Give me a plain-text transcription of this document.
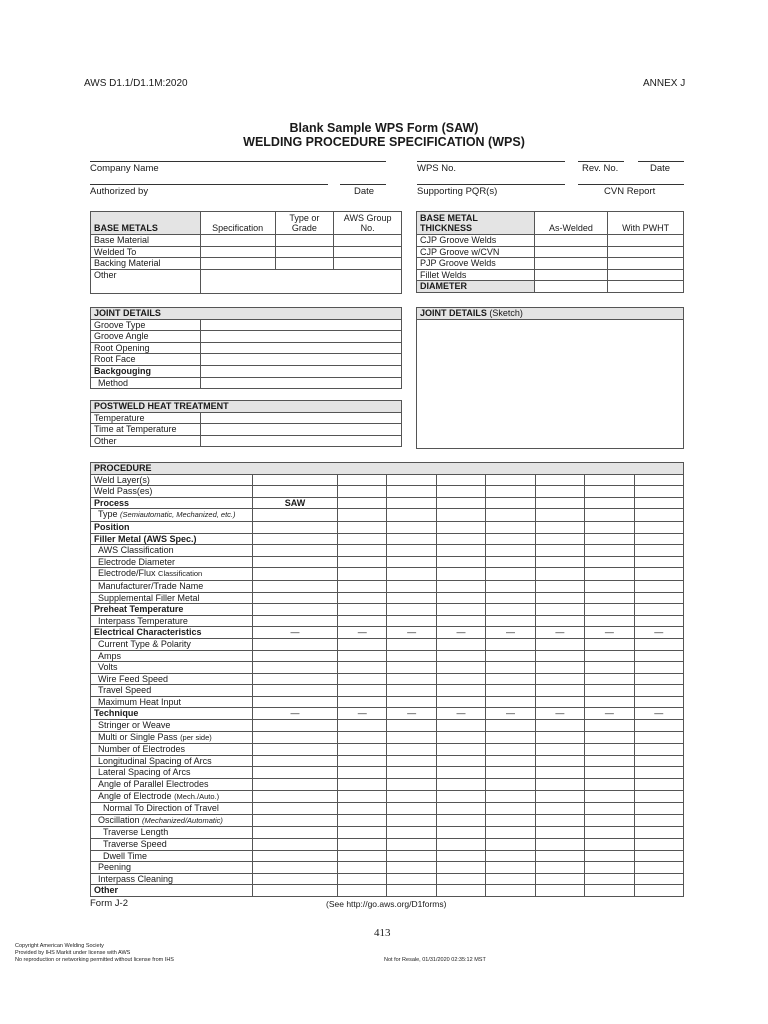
AWS D1.1/D1.1M:2020	ANNEX J
Blank Sample WPS Form (SAW)
WELDING PROCEDURE SPECIFICATION (WPS)
Company Name	WPS No.	Rev. No.	Date
Authorized by	Date	Supporting PQR(s)	CVN Report
BASE METALS	Specification	Type or Grade	AWS Group No.
Base Material			
Welded To			
Backing Material			
Other			
BASE METAL
THICKNESS	As-Welded	With PWHT
CJP Groove Welds		
CJP Groove w/CVN		
PJP Groove Welds		
Fillet Welds		
DIAMETER		
JOINT DETAILS	
Groove Type	
Groove Angle	
Root Opening	
Root Face	
Backgouging	
Method	
POSTWELD HEAT TREATMENT	
Temperature	
Time at Temperature	
Other	
JOINT DETAILS (Sketch)

PROCEDURE								
Weld Layer(s)								
Weld Pass(es)								
Process	SAW							
Type (Semiautomatic, Mechanized, etc.)								
Position								
Filler Metal (AWS Spec.)								
AWS Classification								
Electrode Diameter								
Electrode/Flux Classification								
Manufacturer/Trade Name								
Supplemental Filler Metal								
Preheat Temperature								
Interpass Temperature								
Electrical Characteristics	—	—	—	—	—	—	—	—
Current Type & Polarity								
Amps								
Volts								
Wire Feed Speed								
Travel Speed								
Maximum Heat Input								
Technique	—	—	—	—	—	—	—	—
Stringer or Weave								
Multi or Single Pass (per side)								
Number of Electrodes								
Longitudinal Spacing of Arcs								
Lateral Spacing of Arcs								
Angle of Parallel Electrodes								
Angle of Electrode (Mech./Auto.)								
Normal To Direction of Travel								
Oscillation (Mechanized/Automatic)								
Traverse Length								
Traverse Speed								
Dwell Time								
Peening								
Interpass Cleaning								
Other								
Form J-2	(See http://go.aws.org/D1forms)
413
Copyright American Welding Society
Provided by IHS Markit under license with AWS
No reproduction or networking permitted without license from IHS	Not for Resale, 01/31/2020 02:35:12 MST
